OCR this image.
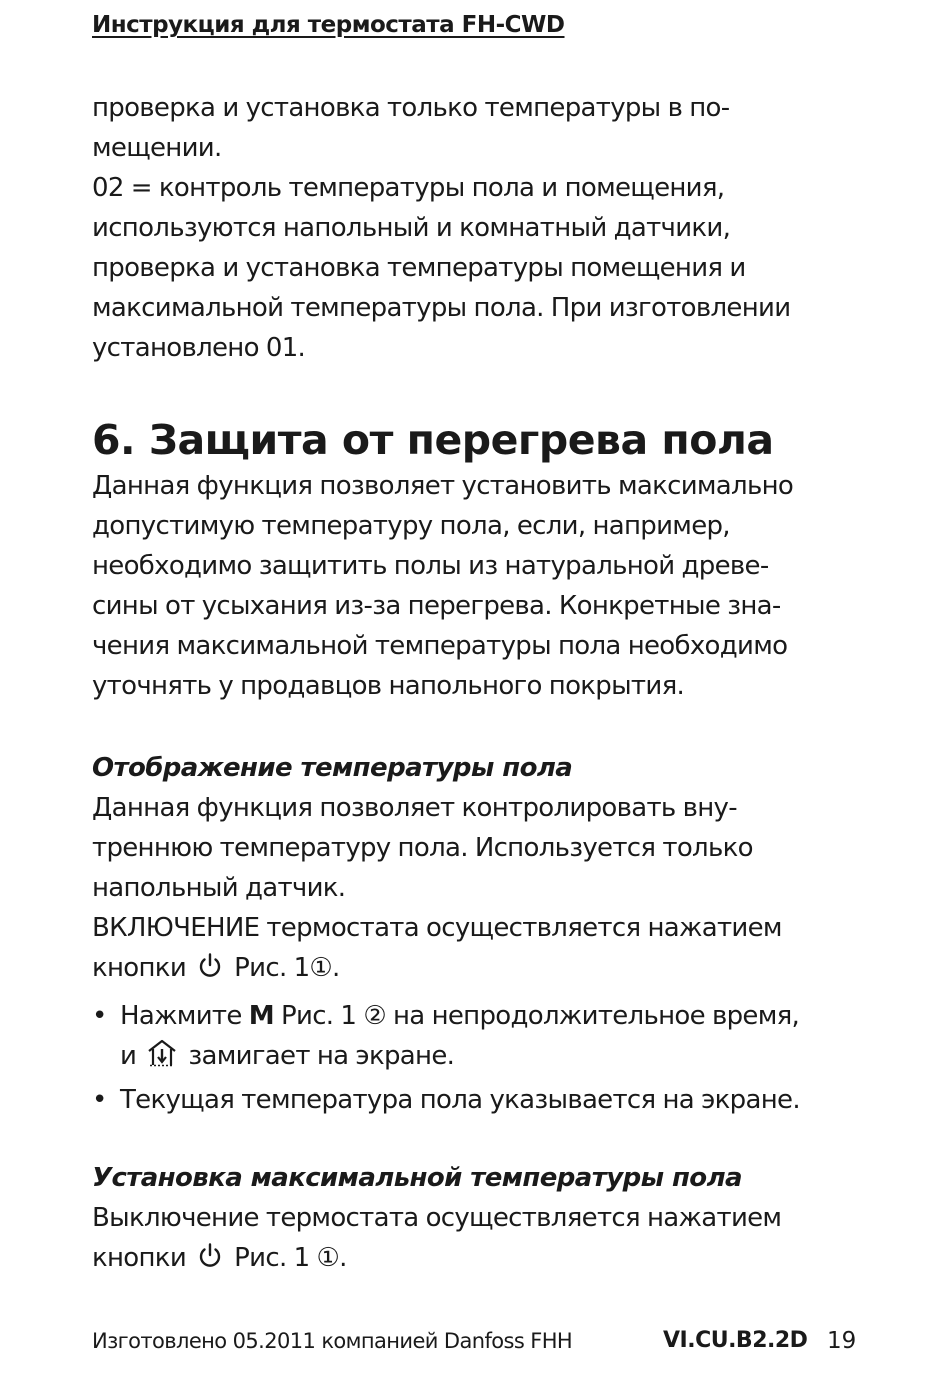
Инструкция для термостата FH-CWD
проверка и установка только температуры в по-
мещении.
02 = контроль температуры пола и помещения,
используются напольный и комнатный датчики,
проверка и установка температуры помещения и
максимальной температуры пола. При изготовлении
установлено 01.
6. Защита от перегрева пола
Данная функция позволяет установить максимально
допустимую температуру пола, если, например,
необходимо защитить полы из натуральной древе-
сины от усыхания из-за перегрева. Конкретные зна-
чения максимальной температуры пола необходимо
уточнять у продавцов напольного покрытия.
Отображение температуры пола
Данная функция позволяет контролировать вну-
треннюю температуру пола. Используется только
напольный датчик.
ВКЛЮЧЕНИЕ термостата осуществляется нажатием
кнопки Рис. 1①.
• Нажмите M Рис. 1 ② на непродолжительное время,
и замигает на экране.
• Текущая температура пола указывается на экране.
Установка максимальной температуры пола
Выключение термостата осуществляется нажатием
кнопки Рис. 1 ①.
Изготовлено 05.2011 компанией Danfoss FHH	VI.CU.B2.2D 19
